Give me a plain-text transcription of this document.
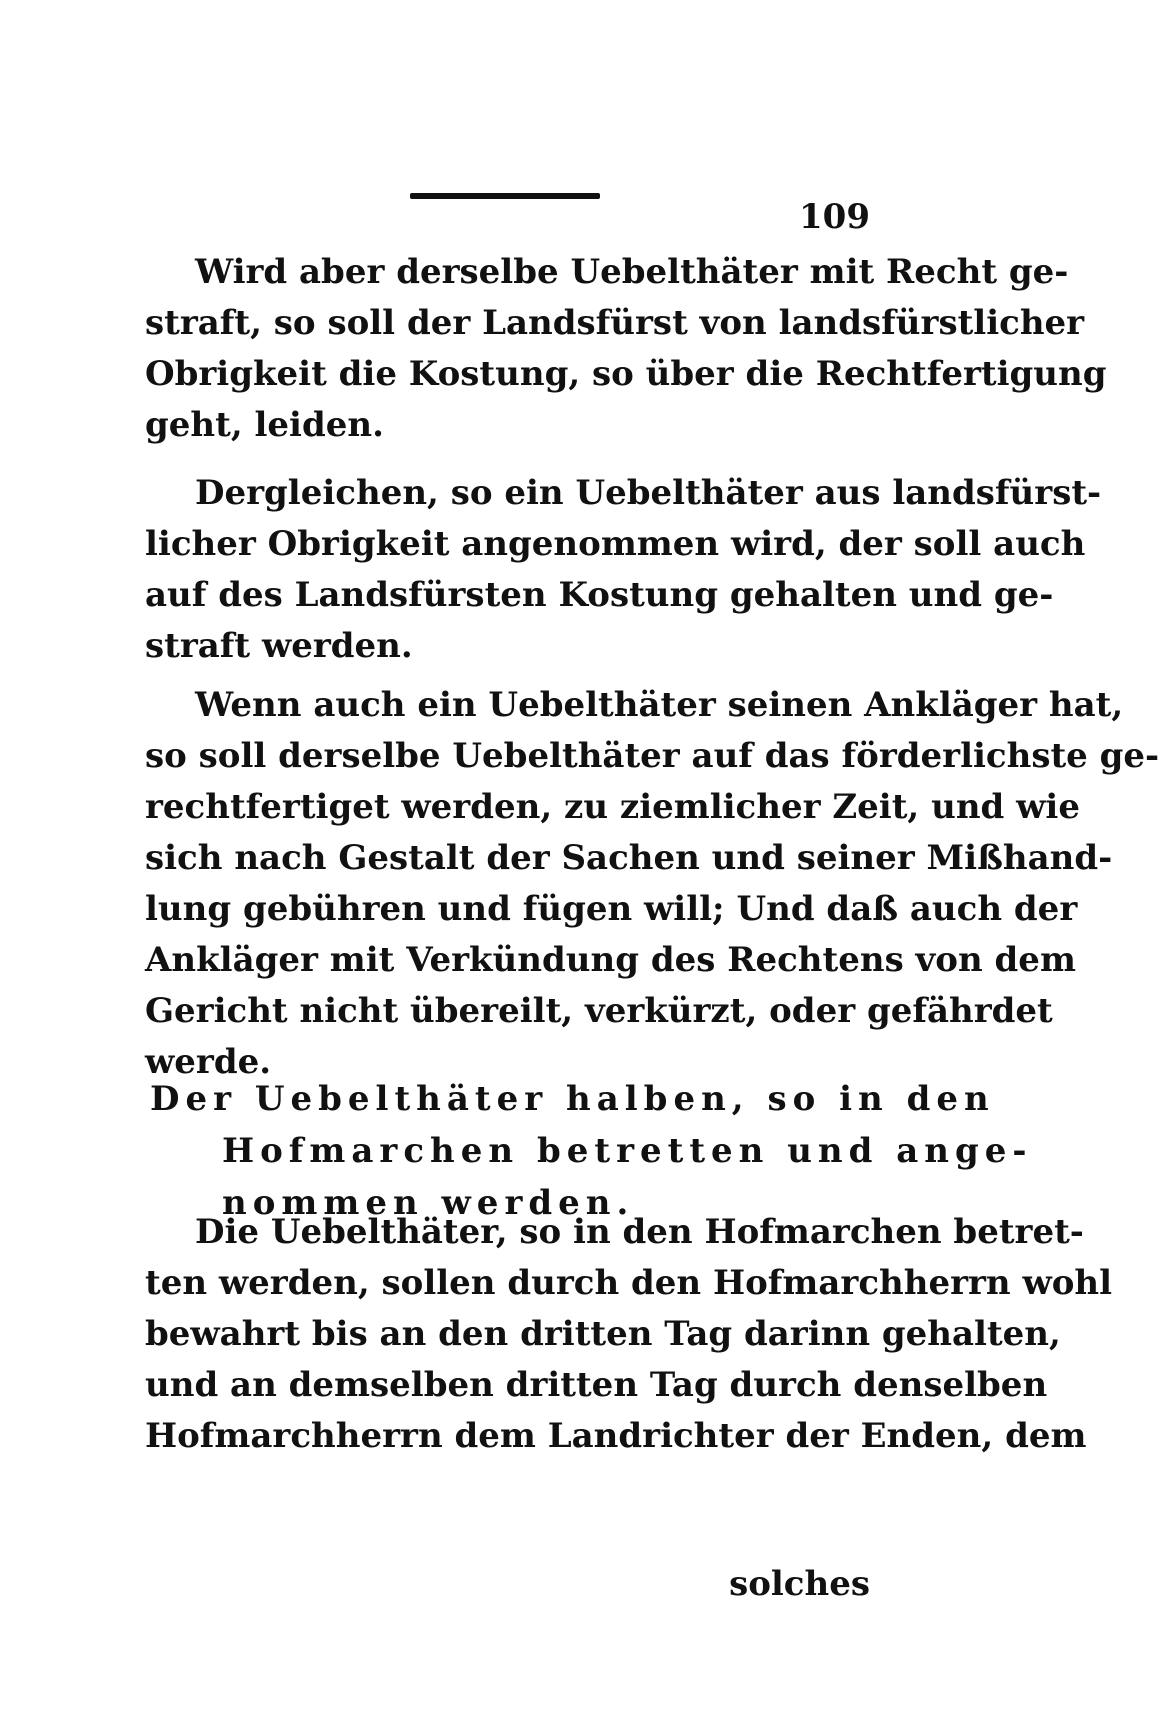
109
Wird aber derselbe Uebelthäter mit Recht ge-
straft, so soll der Landsfürst von landsfürstlicher
Obrigkeit die Kostung, so über die Rechtfertigung
geht, leiden.
Dergleichen, so ein Uebelthäter aus landsfürst-
licher Obrigkeit angenommen wird, der soll auch
auf des Landsfürsten Kostung gehalten und ge-
straft werden.
Wenn auch ein Uebelthäter seinen Ankläger hat,
so soll derselbe Uebelthäter auf das förderlichste ge-
rechtfertiget werden, zu ziemlicher Zeit, und wie
sich nach Gestalt der Sachen und seiner Mißhand-
lung gebühren und fügen will; Und daß auch der
Ankläger mit Verkündung des Rechtens von dem
Gericht nicht übereilt, verkürzt, oder gefährdet
werde.
Der Uebelthäter halben, so in den
Hofmarchen betretten und ange-
nommen werden.
Die Uebelthäter, so in den Hofmarchen betret-
ten werden, sollen durch den Hofmarchherrn wohl
bewahrt bis an den dritten Tag darinn gehalten,
und an demselben dritten Tag durch denselben
Hofmarchherrn dem Landrichter der Enden, dem
solches
